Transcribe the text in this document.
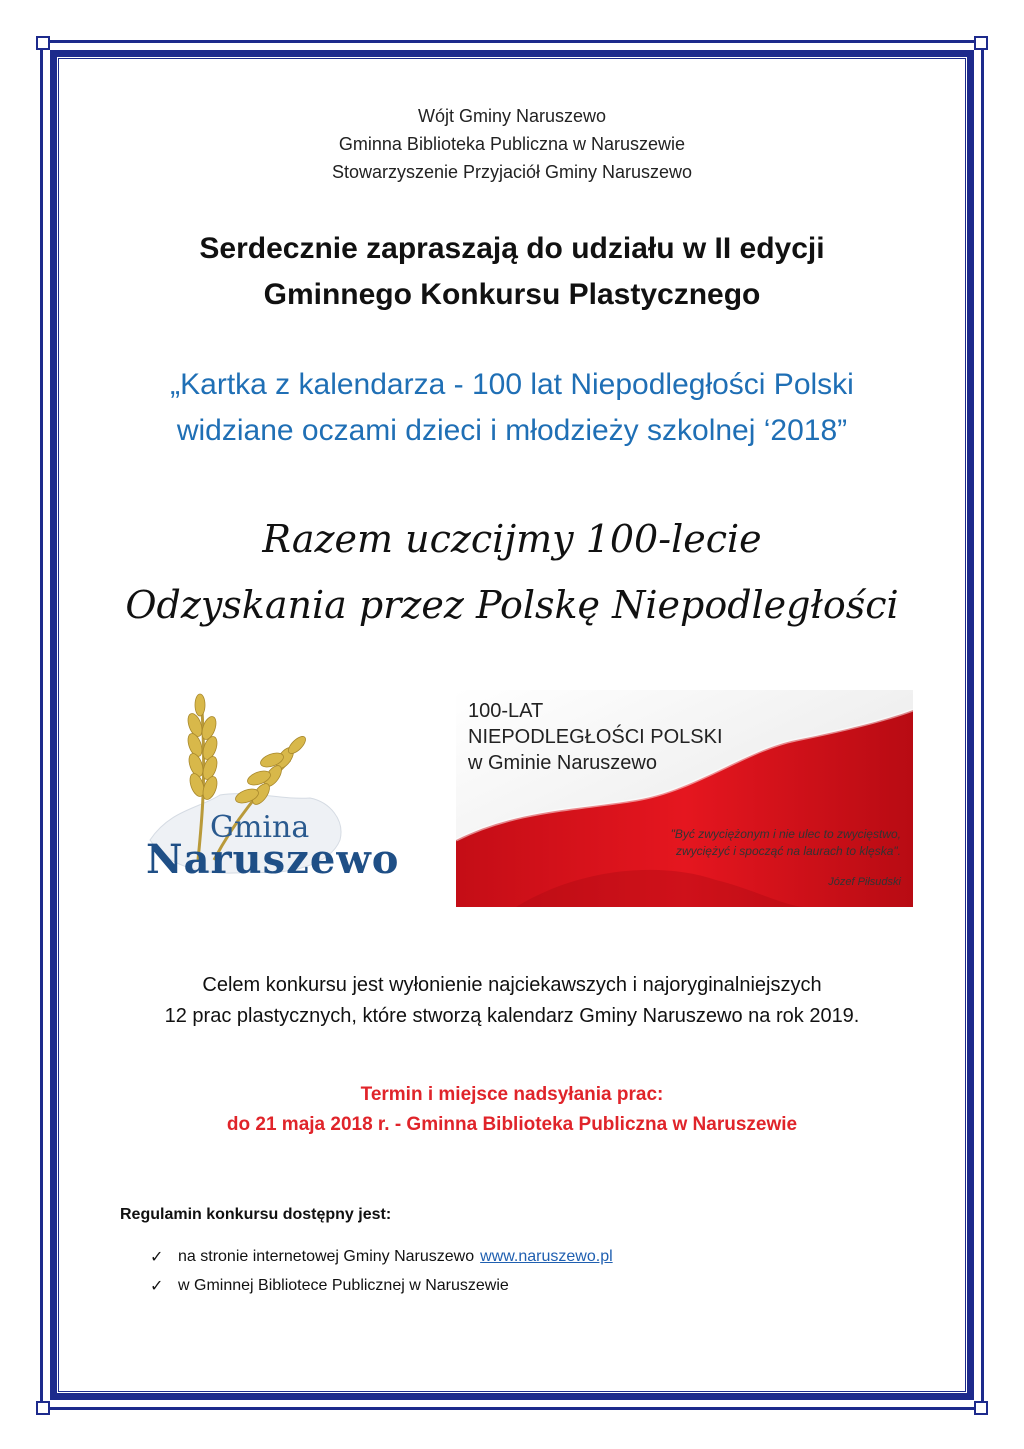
Wójt Gminy Naruszewo
Gminna Biblioteka Publiczna w Naruszewie
Stowarzyszenie Przyjaciół Gminy Naruszewo
Serdecznie zapraszają do udziału w II edycji
Gminnego Konkursu Plastycznego
„Kartka z kalendarza - 100 lat Niepodległości Polski
widziane oczami dzieci i młodzieży szkolnej ‘2018”
Razem uczcijmy 100-lecie
Odzyskania przez Polskę Niepodległości
Gmina
Naruszewo
100-LAT
NIEPODLEGŁOŚCI POLSKI
w Gminie Naruszewo
"Być zwyciężonym i nie ulec to zwycięstwo,
zwyciężyć i spocząć na laurach to klęska".
Józef Piłsudski
Celem konkursu jest wyłonienie najciekawszych i najoryginalniejszych
12 prac plastycznych, które stworzą kalendarz Gminy Naruszewo na rok 2019.
Termin i miejsce nadsyłania prac:
do 21 maja 2018 r. - Gminna Biblioteka Publiczna w Naruszewie
Regulamin konkursu dostępny jest:
✓ na stronie internetowej Gminy Naruszewo www.naruszewo.pl
✓ w Gminnej Bibliotece Publicznej w Naruszewie
